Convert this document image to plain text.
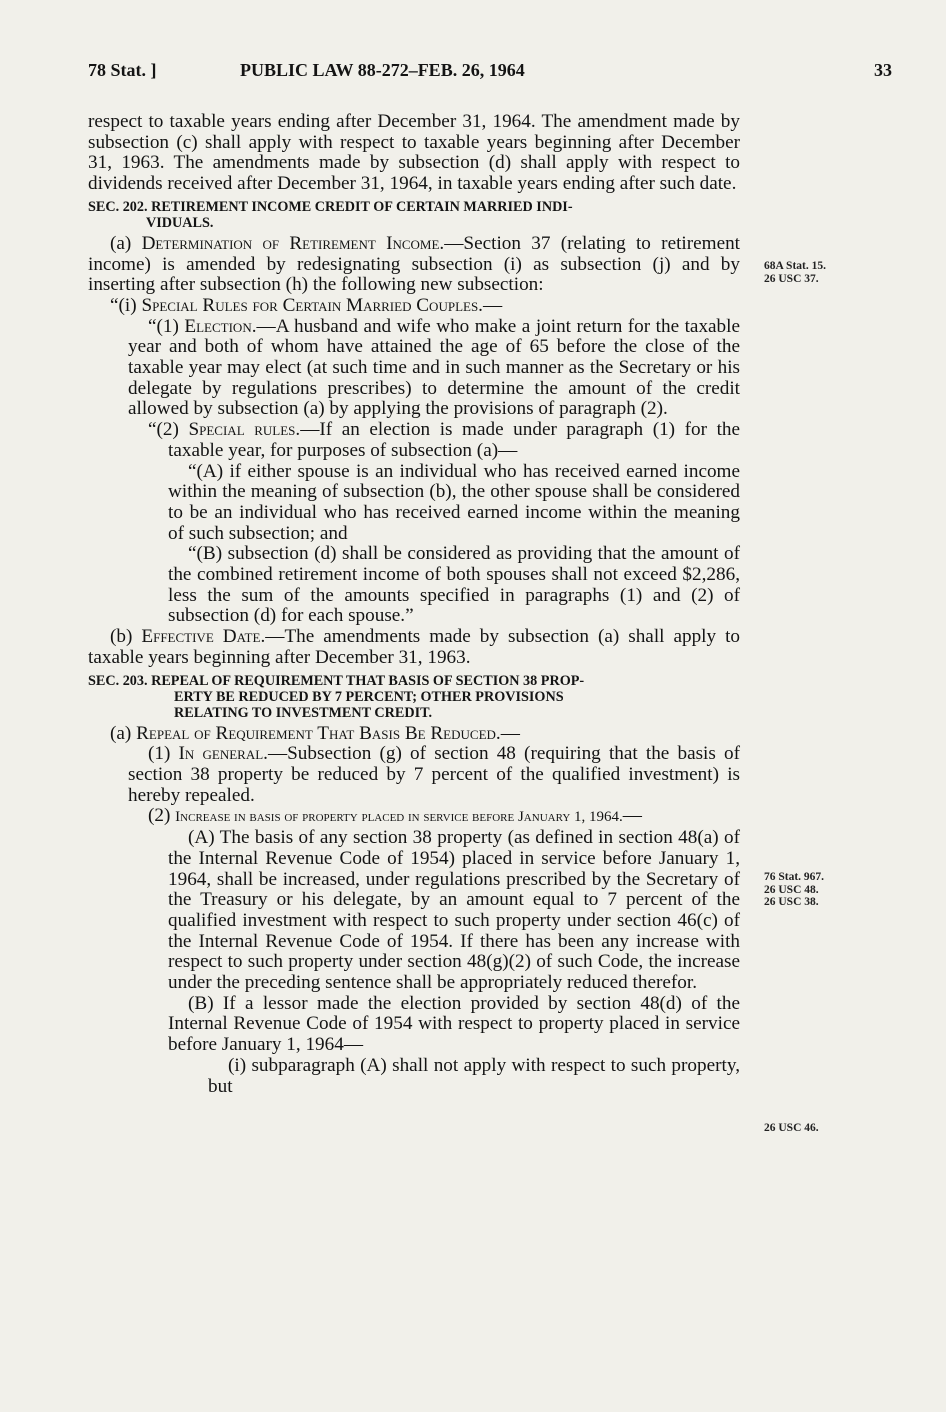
78 Stat. ]	PUBLIC LAW 88-272–FEB. 26, 1964	33
68A Stat. 15.
26 USC 37.
76 Stat. 967.
26 USC 48.
26 USC 38.
26 USC 46.

respect to taxable years ending after December 31, 1964. The amendment made by subsection (c) shall apply with respect to taxable years beginning after December 31, 1963. The amendments made by subsection (d) shall apply with respect to dividends received after December 31, 1964, in taxable years ending after such date.

SEC. 202. RETIREMENT INCOME CREDIT OF CERTAIN MARRIED INDI-
VIDUALS.

(a) Determination of Retirement Income.—Section 37 (relating to retirement income) is amended by redesignating subsection (i) as subsection (j) and by inserting after subsection (h) the following new subsection:

“(i) Special Rules for Certain Married Couples.—

“(1) Election.—A husband and wife who make a joint return for the taxable year and both of whom have attained the age of 65 before the close of the taxable year may elect (at such time and in such manner as the Secretary or his delegate by regulations prescribes) to determine the amount of the credit allowed by subsection (a) by applying the provisions of paragraph (2).

“(2) Special rules.—If an election is made under paragraph (1) for the taxable year, for purposes of subsection (a)—

“(A) if either spouse is an individual who has received earned income within the meaning of subsection (b), the other spouse shall be considered to be an individual who has received earned income within the meaning of such subsection; and

“(B) subsection (d) shall be considered as providing that the amount of the combined retirement income of both spouses shall not exceed $2,286, less the sum of the amounts specified in paragraphs (1) and (2) of subsection (d) for each spouse.”

(b) Effective Date.—The amendments made by subsection (a) shall apply to taxable years beginning after December 31, 1963.

SEC. 203. REPEAL OF REQUIREMENT THAT BASIS OF SECTION 38 PROP-
ERTY BE REDUCED BY 7 PERCENT; OTHER PROVISIONS
RELATING TO INVESTMENT CREDIT.

(a) Repeal of Requirement That Basis Be Reduced.—

(1) In general.—Subsection (g) of section 48 (requiring that the basis of section 38 property be reduced by 7 percent of the qualified investment) is hereby repealed.

(2) Increase in basis of property placed in service before January 1, 1964.—

(A) The basis of any section 38 property (as defined in section 48(a) of the Internal Revenue Code of 1954) placed in service before January 1, 1964, shall be increased, under regulations prescribed by the Secretary of the Treasury or his delegate, by an amount equal to 7 percent of the qualified investment with respect to such property under section 46(c) of the Internal Revenue Code of 1954. If there has been any increase with respect to such property under section 48(g)(2) of such Code, the increase under the preceding sentence shall be appropriately reduced therefor.

(B) If a lessor made the election provided by section 48(d) of the Internal Revenue Code of 1954 with respect to property placed in service before January 1, 1964—

(i) subparagraph (A) shall not apply with respect to such property, but
